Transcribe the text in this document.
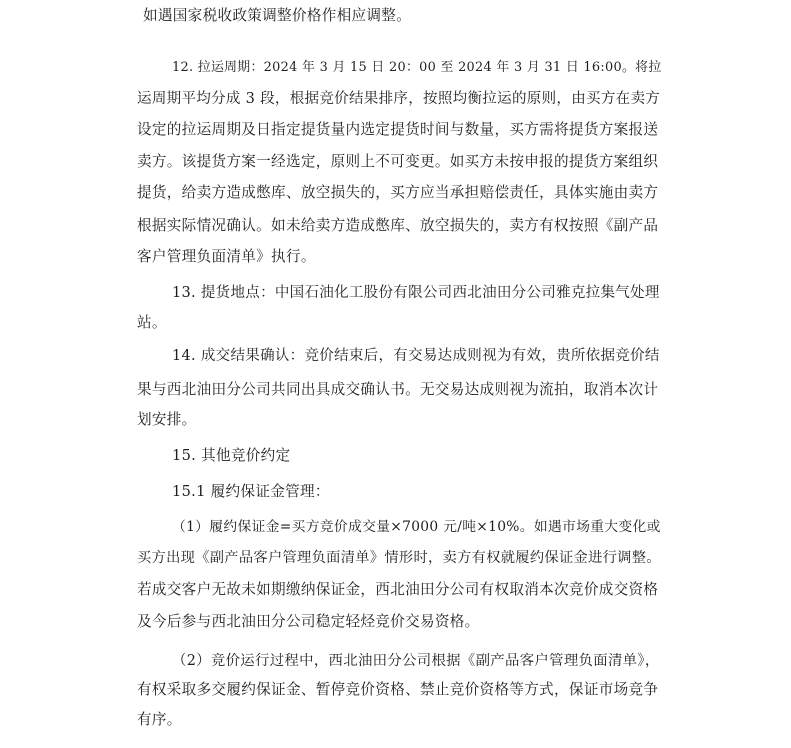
如遇国家税收政策调整价格作相应调整。
12. 拉运周期：2024 年 3 月 15 日 20：00 至 2024 年 3 月 31 日 16:00。将拉
运周期平均分成 3 段，根据竞价结果排序，按照均衡拉运的原则，由买方在卖方
设定的拉运周期及日指定提货量内选定提货时间与数量，买方需将提货方案报送
卖方。该提货方案一经选定，原则上不可变更。如买方未按申报的提货方案组织
提货，给卖方造成憋库、放空损失的，买方应当承担赔偿责任，具体实施由卖方
根据实际情况确认。如未给卖方造成憋库、放空损失的，卖方有权按照《副产品
客户管理负面清单》执行。
13. 提货地点：中国石油化工股份有限公司西北油田分公司雅克拉集气处理
站。
14. 成交结果确认：竞价结束后，有交易达成则视为有效，贵所依据竞价结
果与西北油田分公司共同出具成交确认书。无交易达成则视为流拍，取消本次计
划安排。
15. 其他竞价约定
15.1 履约保证金管理：
（1）履约保证金=买方竞价成交量×7000 元/吨×10%。如遇市场重大变化或
买方出现《副产品客户管理负面清单》情形时，卖方有权就履约保证金进行调整。
若成交客户无故未如期缴纳保证金，西北油田分公司有权取消本次竞价成交资格
及今后参与西北油田分公司稳定轻烃竞价交易资格。
（2）竞价运行过程中，西北油田分公司根据《副产品客户管理负面清单》，
有权采取多交履约保证金、暂停竞价资格、禁止竞价资格等方式，保证市场竞争
有序。
